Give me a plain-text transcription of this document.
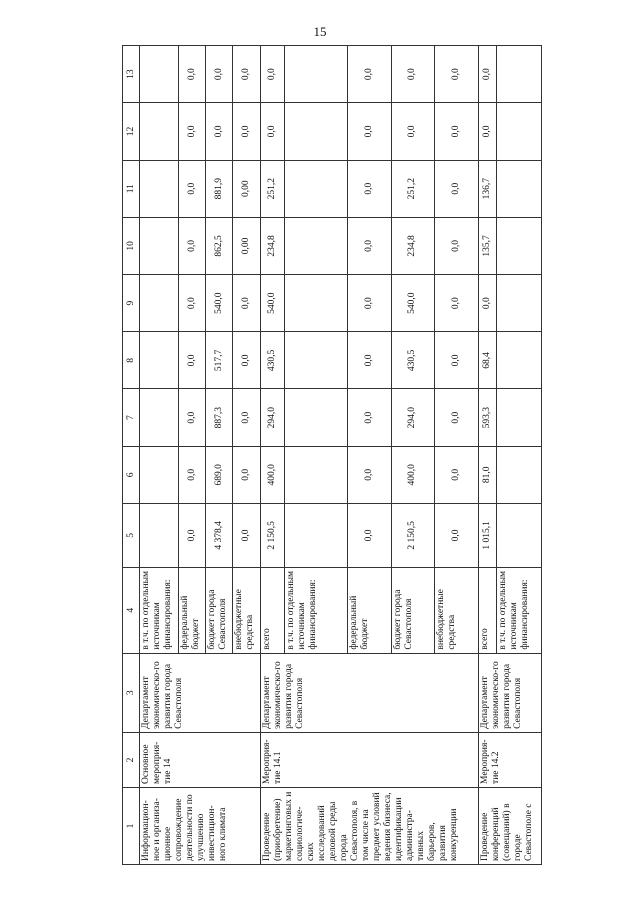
15
1	2	3	4	5	6	7	8	9	10	11	12	13
Информацион-ное и организа-ционное сопровождение деятельности по улучшению инвестицион-ного климата	Основное мероприя-тие 14	Департамент экономическо-го развития города Севастополя	в т.ч. по отдельным источникам финансирования:									
			федеральный бюджет	0,0	0,0	0,0	0,0	0,0	0,0	0,0	0,0	0,0
			бюджет города Севастополя	4 378,4	689,0	887,3	517,7	540,0	862,5	881,9	0,0	0,0
			внебюджетные средства	0,0	0,0	0,0	0,0	0,0	0,00	0,00	0,0	0,0
Проведение (приобретение) маркетинговых и социологиче-ских исследований деловой среды города Севастополя, в том числе на предмет условий ведения бизнеса, идентификации администра-тивных барьеров, развития конкуренции	Мероприя-тие 14.1	Департамент экономическо-го развития города Севастополя	всего	2 150,5	400,0	294,0	430,5	540,0	234,8	251,2	0,0	0,0
			в т.ч. по отдельным источникам финансирования:									
			федеральный бюджет	0,0	0,0	0,0	0,0	0,0	0,0	0,0	0,0	0,0
			бюджет города Севастополя	2 150,5	400,0	294,0	430,5	540,0	234,8	251,2	0,0	0,0
			внебюджетные средства	0,0	0,0	0,0	0,0	0,0	0,0	0,0	0,0	0,0
Проведение конференций (совещаний) в городе Севастополе с	Мероприя-тие 14.2	Департамент экономическо-го развития города Севастополя	всего	1 015,1	81,0	593,3	68,4	0,0	135,7	136,7	0,0	0,0
			в т.ч. по отдельным источникам финансирования:									
